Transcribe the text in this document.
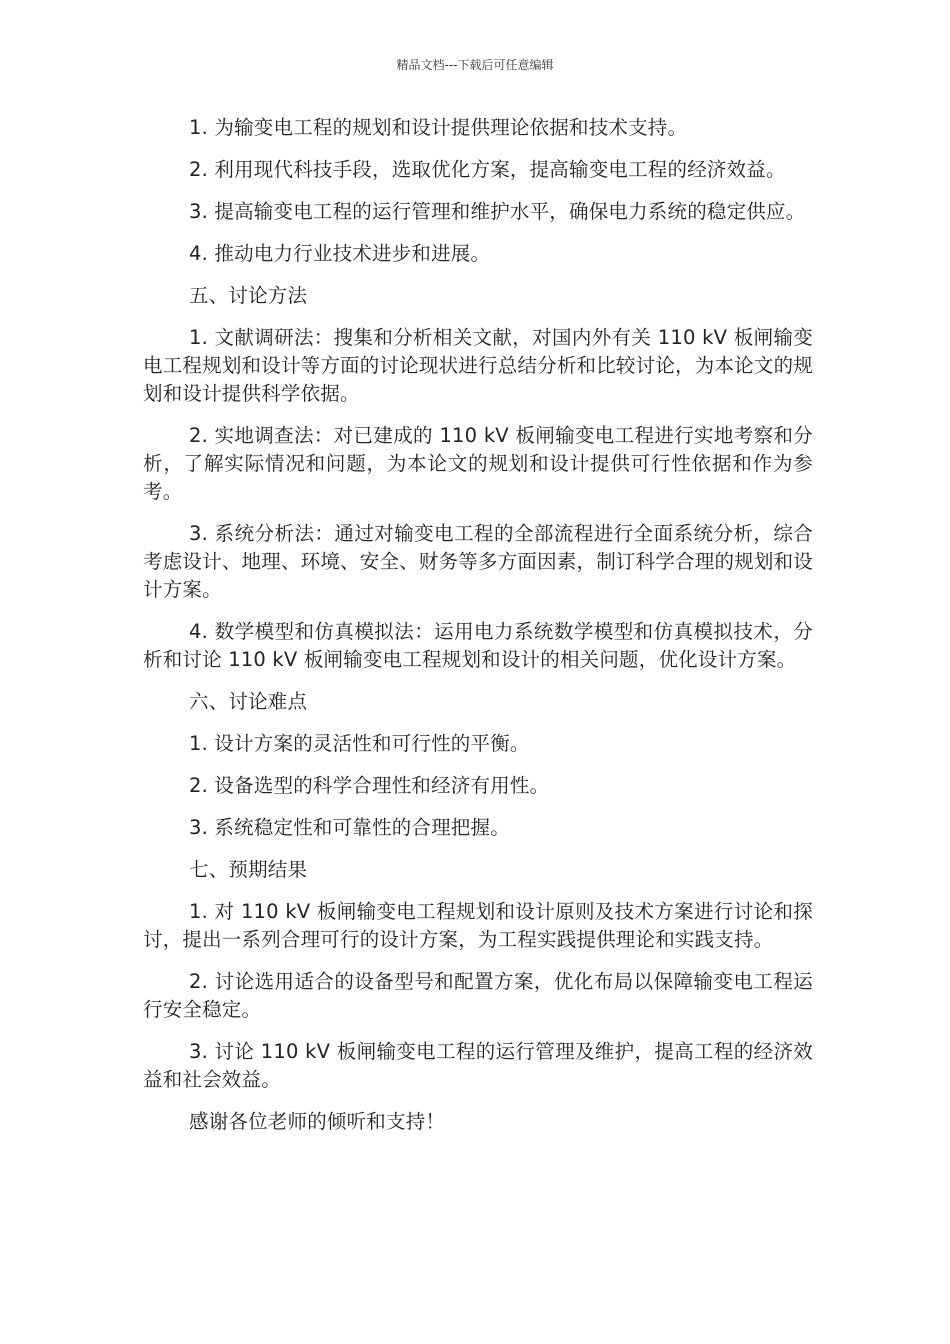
精品文档---下载后可任意编辑

1. 为输变电工程的规划和设计提供理论依据和技术支持。

2. 利用现代科技手段，选取优化方案，提高输变电工程的经济效益。

3. 提高输变电工程的运行管理和维护水平，确保电力系统的稳定供应。

4. 推动电力行业技术进步和进展。

五、讨论方法

1. 文献调研法：搜集和分析相关文献，对国内外有关 110 kV 板闸输变电工程规划和设计等方面的讨论现状进行总结分析和比较讨论，为本论文的规划和设计提供科学依据。

2. 实地调查法：对已建成的 110 kV 板闸输变电工程进行实地考察和分析，了解实际情况和问题，为本论文的规划和设计提供可行性依据和作为参考。

3. 系统分析法：通过对输变电工程的全部流程进行全面系统分析，综合考虑设计、地理、环境、安全、财务等多方面因素，制订科学合理的规划和设计方案。

4. 数学模型和仿真模拟法：运用电力系统数学模型和仿真模拟技术，分析和讨论 110 kV 板闸输变电工程规划和设计的相关问题，优化设计方案。

六、讨论难点

1. 设计方案的灵活性和可行性的平衡。

2. 设备选型的科学合理性和经济有用性。

3. 系统稳定性和可靠性的合理把握。

七、预期结果

1. 对 110 kV 板闸输变电工程规划和设计原则及技术方案进行讨论和探讨，提出一系列合理可行的设计方案，为工程实践提供理论和实践支持。

2. 讨论选用适合的设备型号和配置方案，优化布局以保障输变电工程运行安全稳定。

3. 讨论 110 kV 板闸输变电工程的运行管理及维护，提高工程的经济效益和社会效益。

感谢各位老师的倾听和支持！
